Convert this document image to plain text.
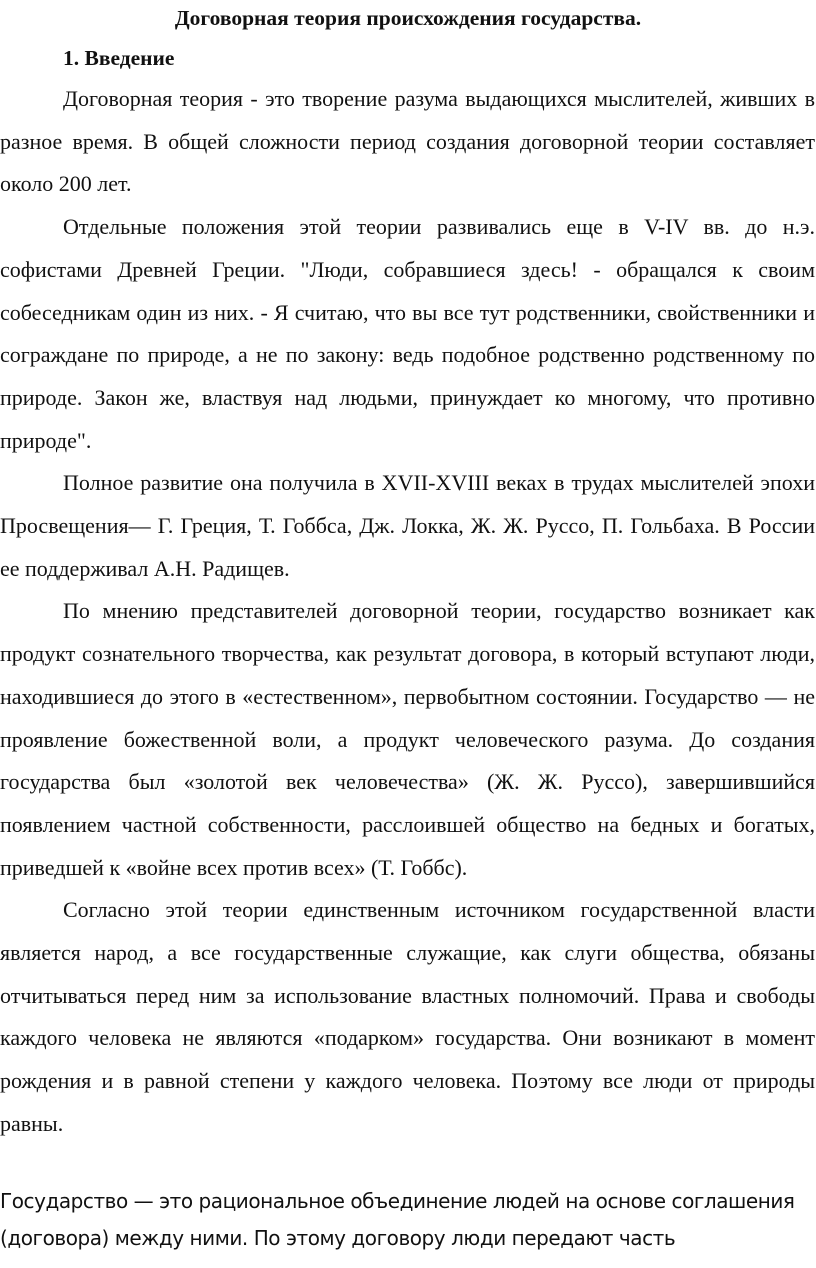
Договорная теория происхождения государства.
1. Введение

Договорная теория - это творение разума выдающихся мыслителей, живших в разное время. В общей сложности период создания договорной теории составляет около 200 лет.

Отдельные положения этой теории развивались еще в V-IV вв. до н.э. софистами Древней Греции. "Люди, собравшиеся здесь! - обращался к своим собеседникам один из них. - Я считаю, что вы все тут родственники, свойственники и сограждане по природе, а не по закону: ведь подобное родственно родственному по природе. Закон же, властвуя над людьми, принуждает ко многому, что противно природе".

Полное развитие она получила в XVII-XVIII веках в трудах мыслителей эпохи Просвещения— Г. Греция, Т. Гоббса, Дж. Локка, Ж. Ж. Руссо, П. Гольбаха. В России ее поддерживал А.Н. Радищев.

По мнению представителей договорной теории, государство возникает как продукт сознательного творчества, как результат договора, в который вступают люди, находившиеся до этого в «естественном», первобытном состоянии. Государство — не проявление божественной воли, а продукт человеческого разума. До создания государства был «золотой век человечества» (Ж. Ж. Руссо), завершившийся появлением частной собственности, расслоившей общество на бедных и богатых, приведшей к «войне всех против всех» (Т. Гоббс).

Согласно этой теории единственным источником государственной власти является народ, а все государственные служащие, как слуги общества, обязаны отчитываться перед ним за использование властных полномочий. Права и свободы каждого человека не являются «подарком» государства. Они возникают в момент рождения и в равной степени у каждого человека. Поэтому все люди от природы равны.

Государство — это рациональное объединение людей на основе соглашения

(договора) между ними. По этому договору люди передают часть
